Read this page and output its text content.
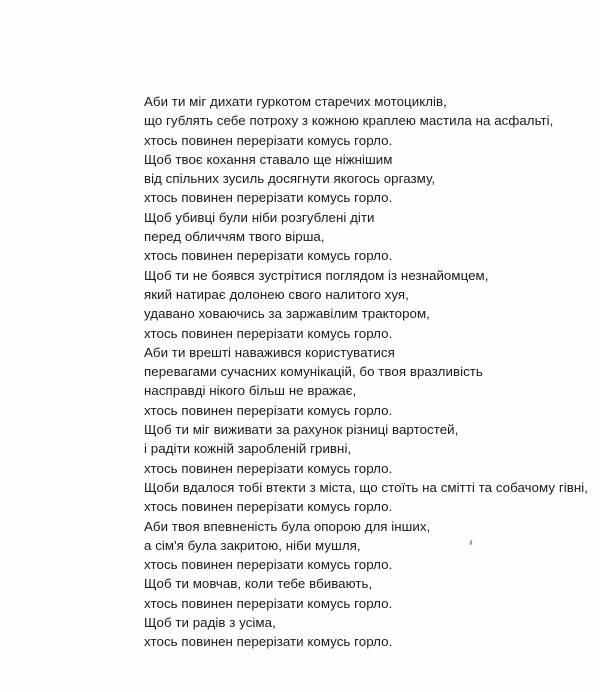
Аби ти міг дихати гуркотом старечих мотоциклів,
що гублять себе потроху з кожною краплею мастила на асфальті,
хтось повинен перерізати комусь горло.
Щоб твоє кохання ставало ще ніжнішим
від спільних зусиль досягнути якогось оргазму,
хтось повинен перерізати комусь горло.
Щоб убивці були ніби розгублені діти
перед обличчям твого вірша,
хтось повинен перерізати комусь горло.
Щоб ти не боявся зустрітися поглядом із незнайомцем,
який натирає долонею свого налитого хуя,
удавано ховаючись за заржавілим трактором,
хтось повинен перерізати комусь горло.
Аби ти врешті наважився користуватися
перевагами сучасних комунікацій, бо твоя вразливість
насправді нікого більш не вражає,
хтось повинен перерізати комусь горло.
Щоб ти міг виживати за рахунок різниці вартостей,
і радіти кожній заробленій гривні,
хтось повинен перерізати комусь горло.
Щоби вдалося тобі втекти з міста, що стоїть на смітті та собачому гівні,
хтось повинен перерізати комусь горло.
Аби твоя впевненість була опорою для інших,
а сім'я була закритою, ніби мушля,
хтось повинен перерізати комусь горло.
Щоб ти мовчав, коли тебе вбивають,
хтось повинен перерізати комусь горло.
Щоб ти радів з усіма,
хтось повинен перерізати комусь горло.
